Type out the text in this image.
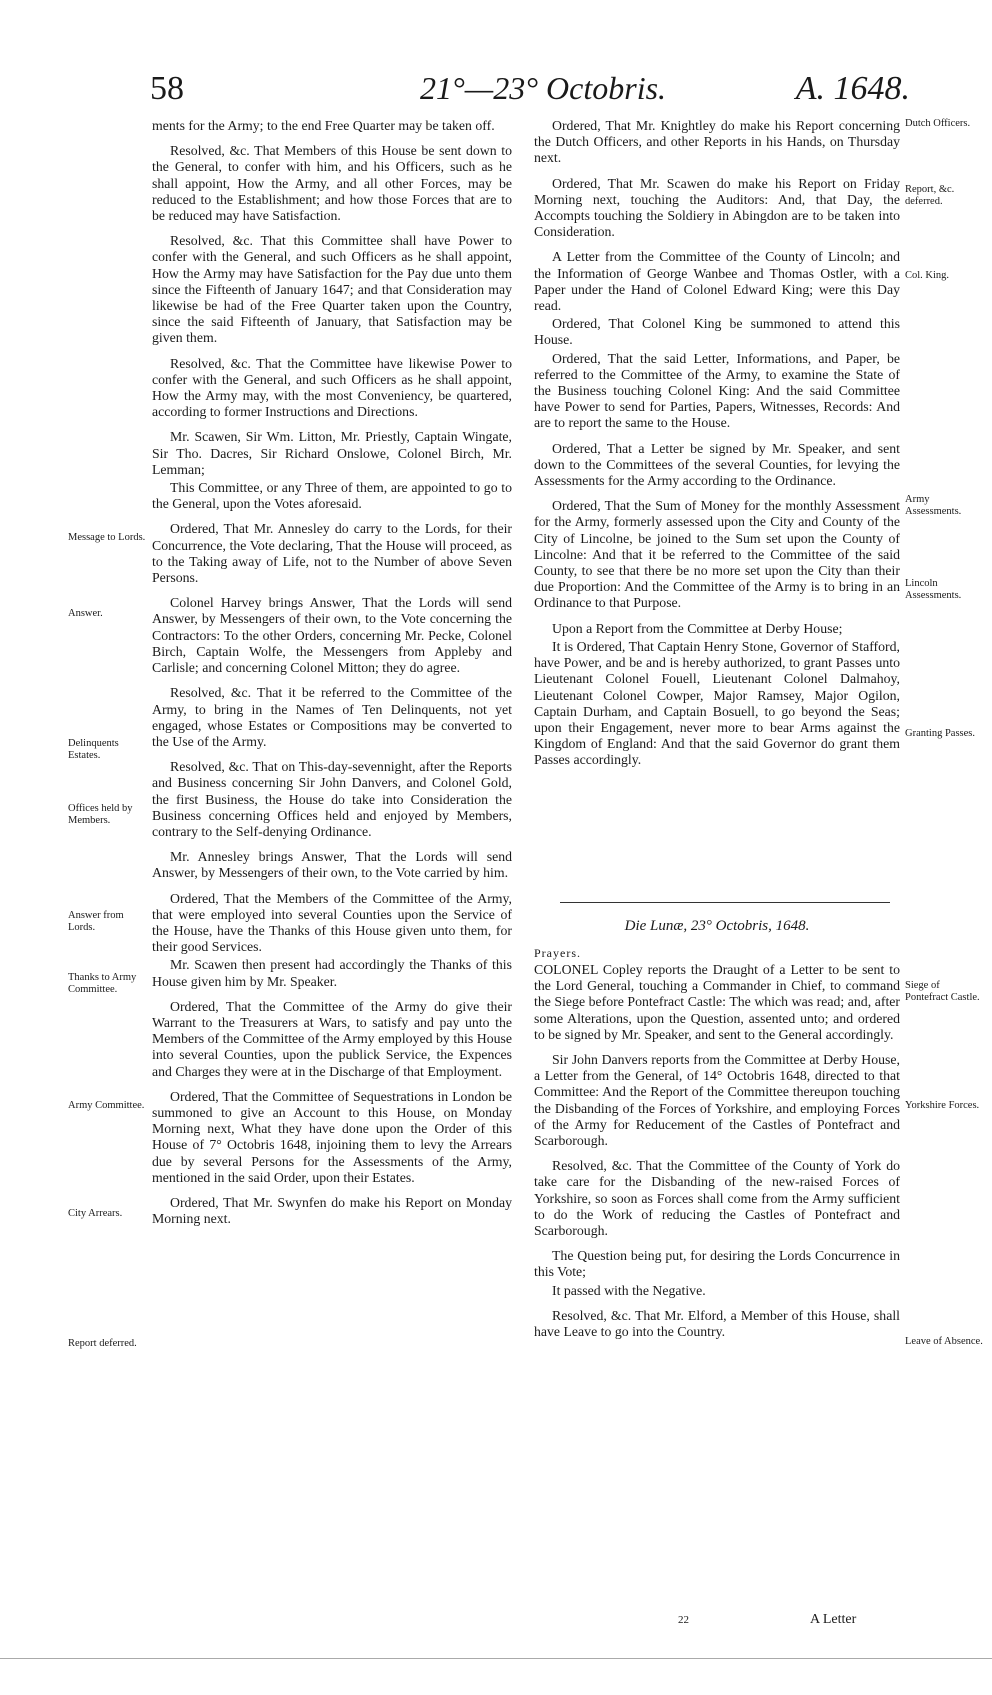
58	21°—23° Octobris.	A. 1648.

ments for the Army; to the end Free Quarter may be taken off.

Resolved, &c. That Members of this House be sent down to the General, to confer with him, and his Officers, such as he shall appoint, How the Army, and all other Forces, may be reduced to the Establishment; and how those Forces that are to be reduced may have Satisfaction.

Resolved, &c. That this Committee shall have Power to confer with the General, and such Officers as he shall appoint, How the Army may have Satisfaction for the Pay due unto them since the Fifteenth of January 1647; and that Consideration may likewise be had of the Free Quarter taken upon the Country, since the said Fifteenth of January, that Satisfaction may be given them.

Resolved, &c. That the Committee have likewise Power to confer with the General, and such Officers as he shall appoint, How the Army may, with the most Conveniency, be quartered, according to former Instructions and Directions.

Mr. Scawen, Sir Wm. Litton, Mr. Priestly, Captain Wingate, Sir Tho. Dacres, Sir Richard Onslowe, Colonel Birch, Mr. Lemman;

This Committee, or any Three of them, are appointed to go to the General, upon the Votes aforesaid.

Ordered, That Mr. Annesley do carry to the Lords, for their Concurrence, the Vote declaring, That the House will proceed, as to the Taking away of Life, not to the Number of above Seven Persons.

Colonel Harvey brings Answer, That the Lords will send Answer, by Messengers of their own, to the Vote concerning the Contractors: To the other Orders, concerning Mr. Pecke, Colonel Birch, Captain Wolfe, the Messengers from Appleby and Carlisle; and concerning Colonel Mitton; they do agree.

Resolved, &c. That it be referred to the Committee of the Army, to bring in the Names of Ten Delinquents, not yet engaged, whose Estates or Compositions may be converted to the Use of the Army.

Resolved, &c. That on This-day-sevennight, after the Reports and Business concerning Sir John Danvers, and Colonel Gold, the first Business, the House do take into Consideration the Business concerning Offices held and enjoyed by Members, contrary to the Self-denying Ordinance.

Mr. Annesley brings Answer, That the Lords will send Answer, by Messengers of their own, to the Vote carried by him.

Ordered, That the Members of the Committee of the Army, that were employed into several Counties upon the Service of the House, have the Thanks of this House given unto them, for their good Services.

Mr. Scawen then present had accordingly the Thanks of this House given him by Mr. Speaker.

Ordered, That the Committee of the Army do give their Warrant to the Treasurers at Wars, to satisfy and pay unto the Members of the Committee of the Army employed by this House into several Counties, upon the publick Service, the Expences and Charges they were at in the Discharge of that Employment.

Ordered, That the Committee of Sequestrations in London be summoned to give an Account to this House, on Monday Morning next, What they have done upon the Order of this House of 7° Octobris 1648, injoining them to levy the Arrears due by several Persons for the Assessments of the Army, mentioned in the said Order, upon their Estates.

Ordered, That Mr. Swynfen do make his Report on Monday Morning next.

Message to Lords.
Answer.
Delinquents Estates.
Offices held by Members.
Answer from Lords.
Thanks to Army Committee.
Army Committee.
City Arrears.
Report deferred.

Ordered, That Mr. Knightley do make his Report concerning the Dutch Officers, and other Reports in his Hands, on Thursday next.

Ordered, That Mr. Scawen do make his Report on Friday Morning next, touching the Auditors: And, that Day, the Accompts touching the Soldiery in Abingdon are to be taken into Consideration.

A Letter from the Committee of the County of Lincoln; and the Information of George Wanbee and Thomas Ostler, with a Paper under the Hand of Colonel Edward King; were this Day read.

Ordered, That Colonel King be summoned to attend this House.

Ordered, That the said Letter, Informations, and Paper, be referred to the Committee of the Army, to examine the State of the Business touching Colonel King: And the said Committee have Power to send for Parties, Papers, Witnesses, Records: And are to report the same to the House.

Ordered, That a Letter be signed by Mr. Speaker, and sent down to the Committees of the several Counties, for levying the Assessments for the Army according to the Ordinance.

Ordered, That the Sum of Money for the monthly Assessment for the Army, formerly assessed upon the City and County of the City of Lincolne, be joined to the Sum set upon the County of Lincolne: And that it be referred to the Committee of the said County, to see that there be no more set upon the City than their due Proportion: And the Committee of the Army is to bring in an Ordinance to that Purpose.

Upon a Report from the Committee at Derby House;

It is Ordered, That Captain Henry Stone, Governor of Stafford, have Power, and be and is hereby authorized, to grant Passes unto Lieutenant Colonel Fouell, Lieutenant Colonel Dalmahoy, Lieutenant Colonel Cowper, Major Ramsey, Major Ogilon, Captain Durham, and Captain Bosuell, to go beyond the Seas; upon their Engagement, never more to bear Arms against the Kingdom of England: And that the said Governor do grant them Passes accordingly.

Die Lunæ, 23° Octobris, 1648.
Prayers.

COLONEL Copley reports the Draught of a Letter to be sent to the Lord General, touching a Commander in Chief, to command the Siege before Pontefract Castle: The which was read; and, after some Alterations, upon the Question, assented unto; and ordered to be signed by Mr. Speaker, and sent to the General accordingly.

Sir John Danvers reports from the Committee at Derby House, a Letter from the General, of 14° Octobris 1648, directed to that Committee: And the Report of the Committee thereupon touching the Disbanding of the Forces of Yorkshire, and employing Forces of the Army for Reducement of the Castles of Pontefract and Scarborough.

Resolved, &c. That the Committee of the County of York do take care for the Disbanding of the new-raised Forces of Yorkshire, so soon as Forces shall come from the Army sufficient to do the Work of reducing the Castles of Pontefract and Scarborough.

The Question being put, for desiring the Lords Concurrence in this Vote;

It passed with the Negative.

Resolved, &c. That Mr. Elford, a Member of this House, shall have Leave to go into the Country.

Dutch Officers.
Report, &c. deferred.
Col. King.
Army Assessments.
Lincoln Assessments.
Granting Passes.
Siege of Pontefract Castle.
Yorkshire Forces.
Leave of Absence.
22	A Letter
